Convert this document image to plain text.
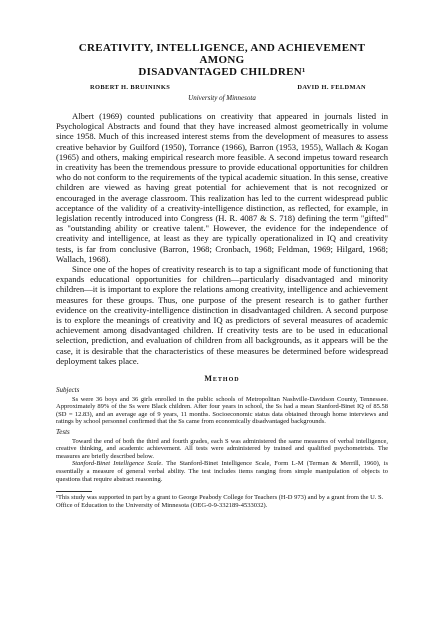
CREATIVITY, INTELLIGENCE, AND ACHIEVEMENT AMONG
DISADVANTAGED CHILDREN¹
ROBERT H. BRUININKS	DAVID H. FELDMAN
University of Minnesota

Albert (1969) counted publications on creativity that appeared in journals listed in Psychological Abstracts and found that they have increased almost geometrically in volume since 1958. Much of this increased interest stems from the development of measures to assess creative behavior by Guilford (1950), Torrance (1966), Barron (1953, 1955), Wallach & Kogan (1965) and others, making empirical research more feasible. A second impetus toward research in creativity has been the tremendous pressure to provide educational opportunities for children who do not conform to the requirements of the typical academic situation. In this sense, creative children are viewed as having great potential for achievement that is not recognized or encouraged in the average classroom. This realization has led to the current widespread public acceptance of the validity of a creativity-intelligence distinction, as reflected, for example, in legislation recently introduced into Congress (H. R. 4087 & S. 718) defining the term "gifted" as "outstanding ability or creative talent." However, the evidence for the independence of creativity and intelligence, at least as they are typically operationalized in IQ and creativity tests, is far from conclusive (Barron, 1968; Cronbach, 1968; Feldman, 1969; Hilgard, 1968; Wallach, 1968).

Since one of the hopes of creativity research is to tap a significant mode of functioning that expands educational opportunities for children—particularly disadvantaged and minority children—it is important to explore the relations among creativity, intelligence and achievement measures for these groups. Thus, one purpose of the present research is to gather further evidence on the creativity-intelligence distinction in disadvantaged children. A second purpose is to explore the meanings of creativity and IQ as predictors of several measures of academic achievement among disadvantaged children. If creativity tests are to be used in educational selection, prediction, and evaluation of children from all backgrounds, as it appears will be the case, it is desirable that the characteristics of these measures be determined before widespread deployment takes place.

Method
Subjects

Ss were 36 boys and 36 girls enrolled in the public schools of Metropolitan Nashville-Davidson County, Tennessee. Approximately 89% of the Ss were Black children. After four years in school, the Ss had a mean Stanford-Binet IQ of 85.58 (SD = 12.83), and an average age of 9 years, 11 months. Socioeconomic status data obtained through home interviews and ratings by school personnel confirmed that the Ss came from economically disadvantaged backgrounds.

Tests

Toward the end of both the third and fourth grades, each S was administered the same measures of verbal intelligence, creative thinking, and academic achievement. All tests were administered by trained and qualified psychometrists. The measures are briefly described below.

Stanford-Binet Intelligence Scale. The Stanford-Binet Intelligence Scale, Form L-M (Terman & Merrill, 1960), is essentially a measure of general verbal ability. The test includes items ranging from simple manipulation of objects to questions that require abstract reasoning.

¹This study was supported in part by a grant to George Peabody College for Teachers (H-D 973) and by a grant from the U. S. Office of Education to the University of Minnesota (OEG-0-9-332189-4533032).
